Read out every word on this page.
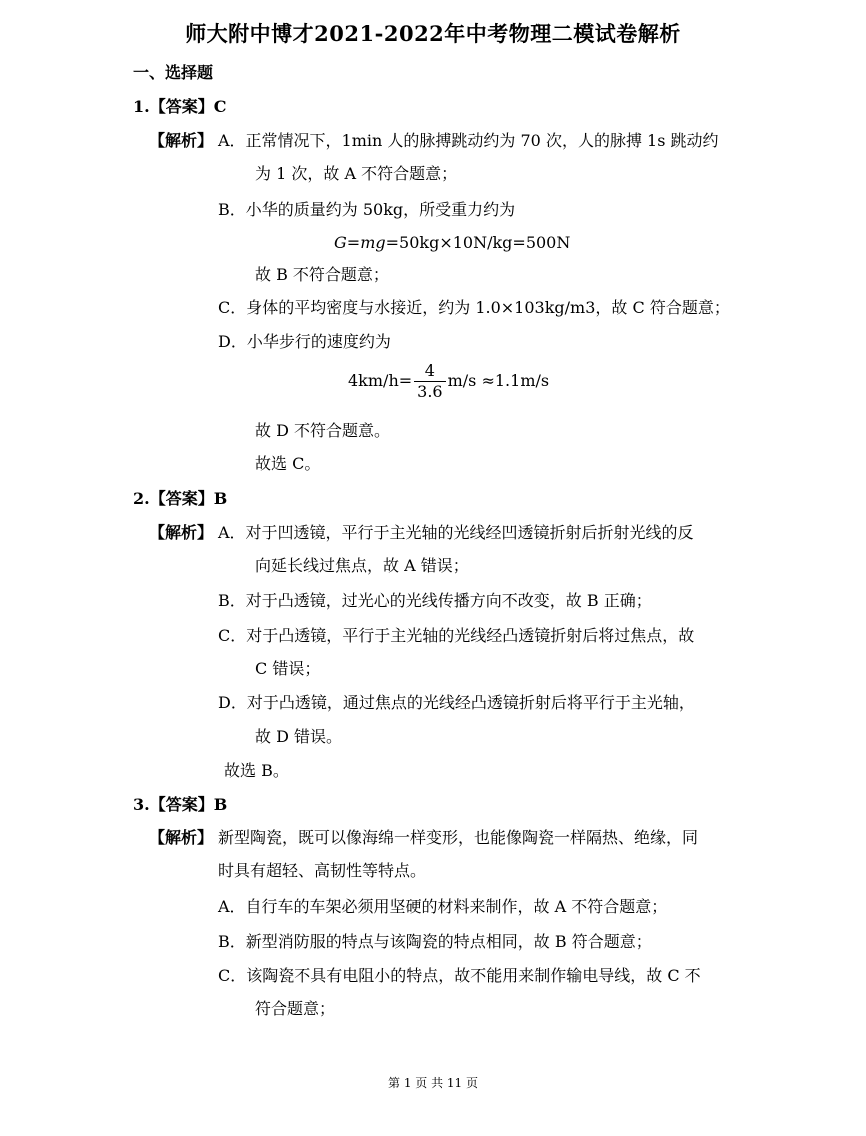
师大附中博才2021-2022年中考物理二模试卷解析
一、选择题
1.【答案】C
【解析】 A．正常情况下，1min 人的脉搏跳动约为 70 次，人的脉搏 1s 跳动约
为 1 次，故 A 不符合题意；
B．小华的质量约为 50kg，所受重力约为
G=mg=50kg×10N/kg=500N
故 B 不符合题意；
C．身体的平均密度与水接近，约为 1.0×103kg/m3，故 C 符合题意；
D．小华步行的速度约为
$4km/h= \frac{4}{3.6} m/s \approx 1.1m/s$
故 D 不符合题意。
故选 C。
2.【答案】B
【解析】 A．对于凹透镜，平行于主光轴的光线经凹透镜折射后折射光线的反
向延长线过焦点，故 A 错误；
B．对于凸透镜，过光心的光线传播方向不改变，故 B 正确；
C．对于凸透镜，平行于主光轴的光线经凸透镜折射后将过焦点，故
C 错误；
D．对于凸透镜，通过焦点的光线经凸透镜折射后将平行于主光轴，
故 D 错误。
故选 B。
3.【答案】B
【解析】 新型陶瓷，既可以像海绵一样变形，也能像陶瓷一样隔热、绝缘，同
时具有超轻、高韧性等特点。
A．自行车的车架必须用坚硬的材料来制作，故 A 不符合题意；
B．新型消防服的特点与该陶瓷的特点相同，故 B 符合题意；
C．该陶瓷不具有电阻小的特点，故不能用来制作输电导线，故 C 不
符合题意；
第 1 页 共 11 页
